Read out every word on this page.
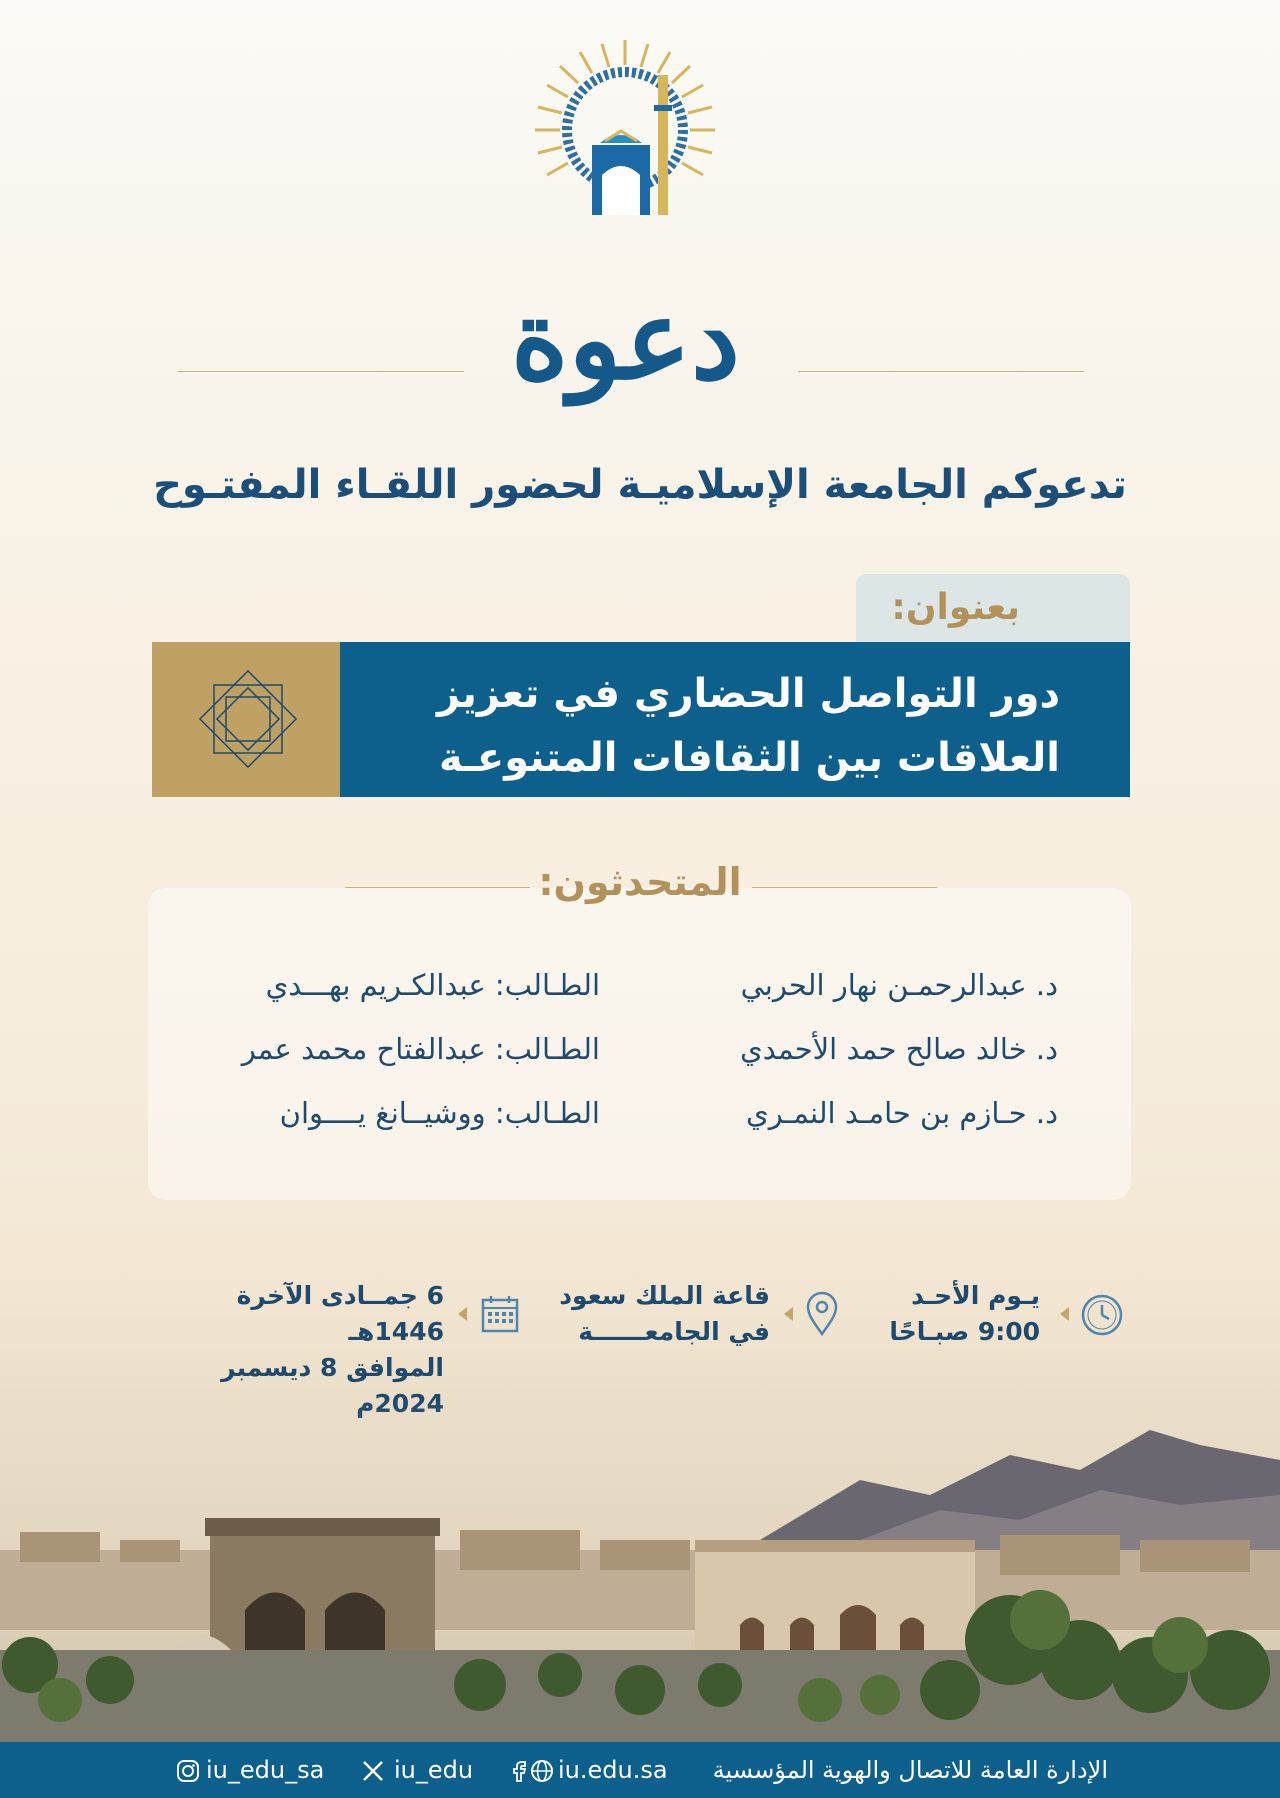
دعوة
تدعوكم الجامعة الإسلاميـة لحضور اللقـاء المفتـوح
بعنوان:
دور التواصل الحضاري في تعزيز
العلاقات بين الثقافات المتنوعـة
المتحدثون:
د. عبدالرحمـن نهار الحربي
د. خالد صالح حمد الأحمدي
د. حـازم بن حامـد النمـري
الطـالب: عبدالكـريم بهـــدي
الطـالب: عبدالفتاح محمد عمر
الطـالب: ووشيــانغ يــــوان
يـوم الأحـد
9:00 صبـاحًا
قاعة الملك سعود
في الجامعــــــة
6 جمــادى الآخرة 1446هـ
الموافق 8 ديسمبر
الإدارة العامة للاتصال والهوية المؤسسية
iu.edu.sa
iu_edu
iu_edu_sa
